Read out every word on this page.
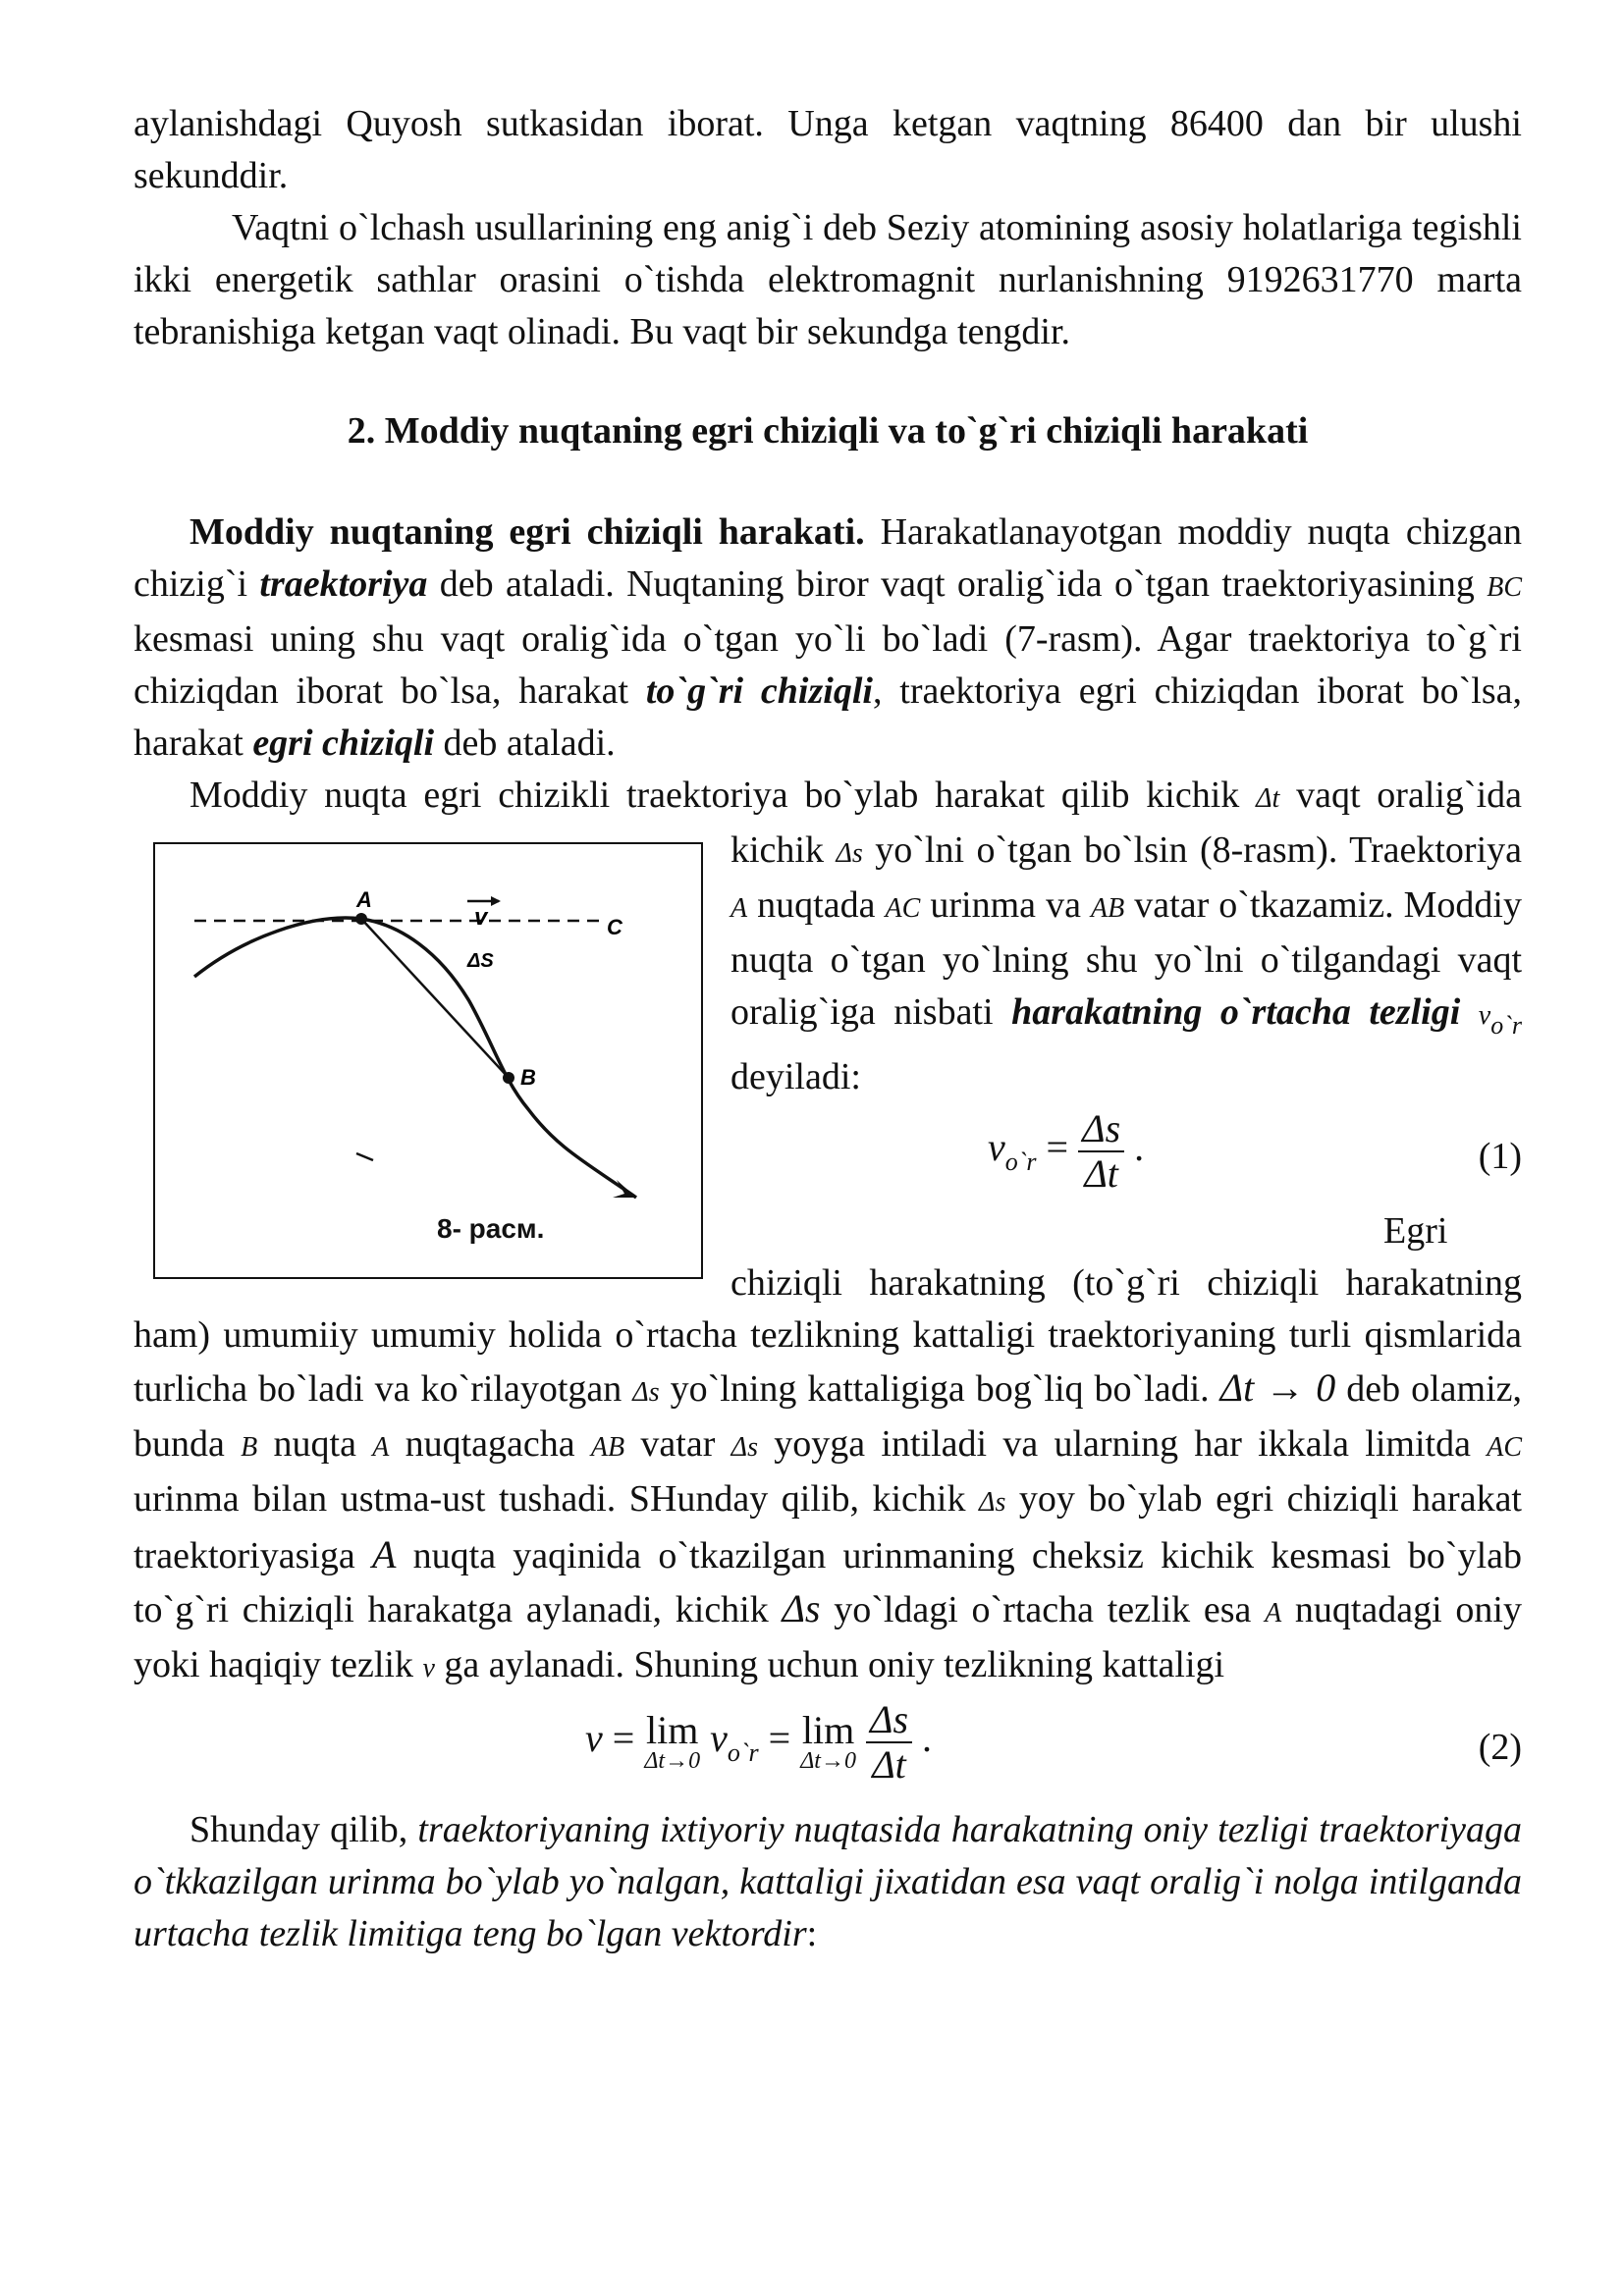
aylanishdagi Quyosh sutkasidan iborat. Unga ketgan vaqtning 86400 dan bir ulushi sekunddir.

Vaqtni o`lchash usullarining eng anig`i deb Seziy atomining asosiy holatlariga tegishli ikki energetik sathlar orasini o`tishda elektromagnit nurlanishning 9192631770 marta tebranishiga ketgan vaqt olinadi. Bu vaqt bir sekundga tengdir.

2. Moddiy nuqtaning egri chiziqli va to`g`ri chiziqli harakati

Moddiy nuqtaning egri chiziqli harakati. Harakatlanayotgan moddiy nuqta chizgan chizig`i traektoriya deb ataladi. Nuqtaning biror vaqt oralig`ida o`tgan traektoriyasining BC kesmasi uning shu vaqt oralig`ida o`tgan yo`li bo`ladi (7-rasm). Agar traektoriya to`g`ri chiziqdan iborat bo`lsa, harakat to`g`ri chiziqli, traektoriya egri chiziqdan iborat bo`lsa, harakat egri chiziqli deb ataladi.

Moddiy nuqta egri chizikli traektoriya bo`ylab harakat qilib kichik Δt
A
B
C
v
ΔS
8- расм.
vaqt oralig`ida kichik Δs yo`lni o`tgan bo`lsin (8-rasm). Traektoriya A nuqtada AC urinma va AB vatar o`tkazamiz. Moddiy nuqta o`tgan yo`lning shu yo`lni o`tilgandagi vaqt oralig`iga nisbati harakatning o`rtacha tezligi $v_{o`r}$ deyiladi:

$v_{o`r} = \frac{\Delta s}{\Delta t}$ .	(1)

Egri chiziqli harakatning (to`g`ri chiziqli harakatning ham) umumiiy umumiy holida o`rtacha tezlikning kattaligi traektoriyaning turli qismlarida turlicha bo`ladi va ko`rilayotgan Δs yo`lning kattaligiga bog`liq bo`ladi. Δt → 0 deb olamiz, bunda B nuqta A nuqtagacha AB vatar Δs yoyga intiladi va ularning har ikkala limitda AC urinma bilan ustma-ust tushadi. SHunday qilib, kichik Δs yoy bo`ylab egri chiziqli harakat traektoriyasiga A nuqta yaqinida o`tkazilgan urinmaning cheksiz kichik kesmasi bo`ylab to`g`ri chiziqli harakatga aylanadi, kichik Δs yo`ldagi o`rtacha tezlik esa A nuqtadagi oniy yoki haqiqiy tezlik v ga aylanadi. Shuning uchun oniy tezlikning kattaligi

v = lim
Δt→0
$v_{o`r} = \lim$
Δt→0
$\frac{\Delta s}{\Delta t}$ .	(2)

Shunday qilib, traektoriyaning ixtiyoriy nuqtasida harakatning oniy tezligi traektoriyaga o`tkkazilgan urinma bo`ylab yo`nalgan, kattaligi jixatidan esa vaqt oralig`i nolga intilganda urtacha tezlik limitiga teng bo`lgan vektordir:
